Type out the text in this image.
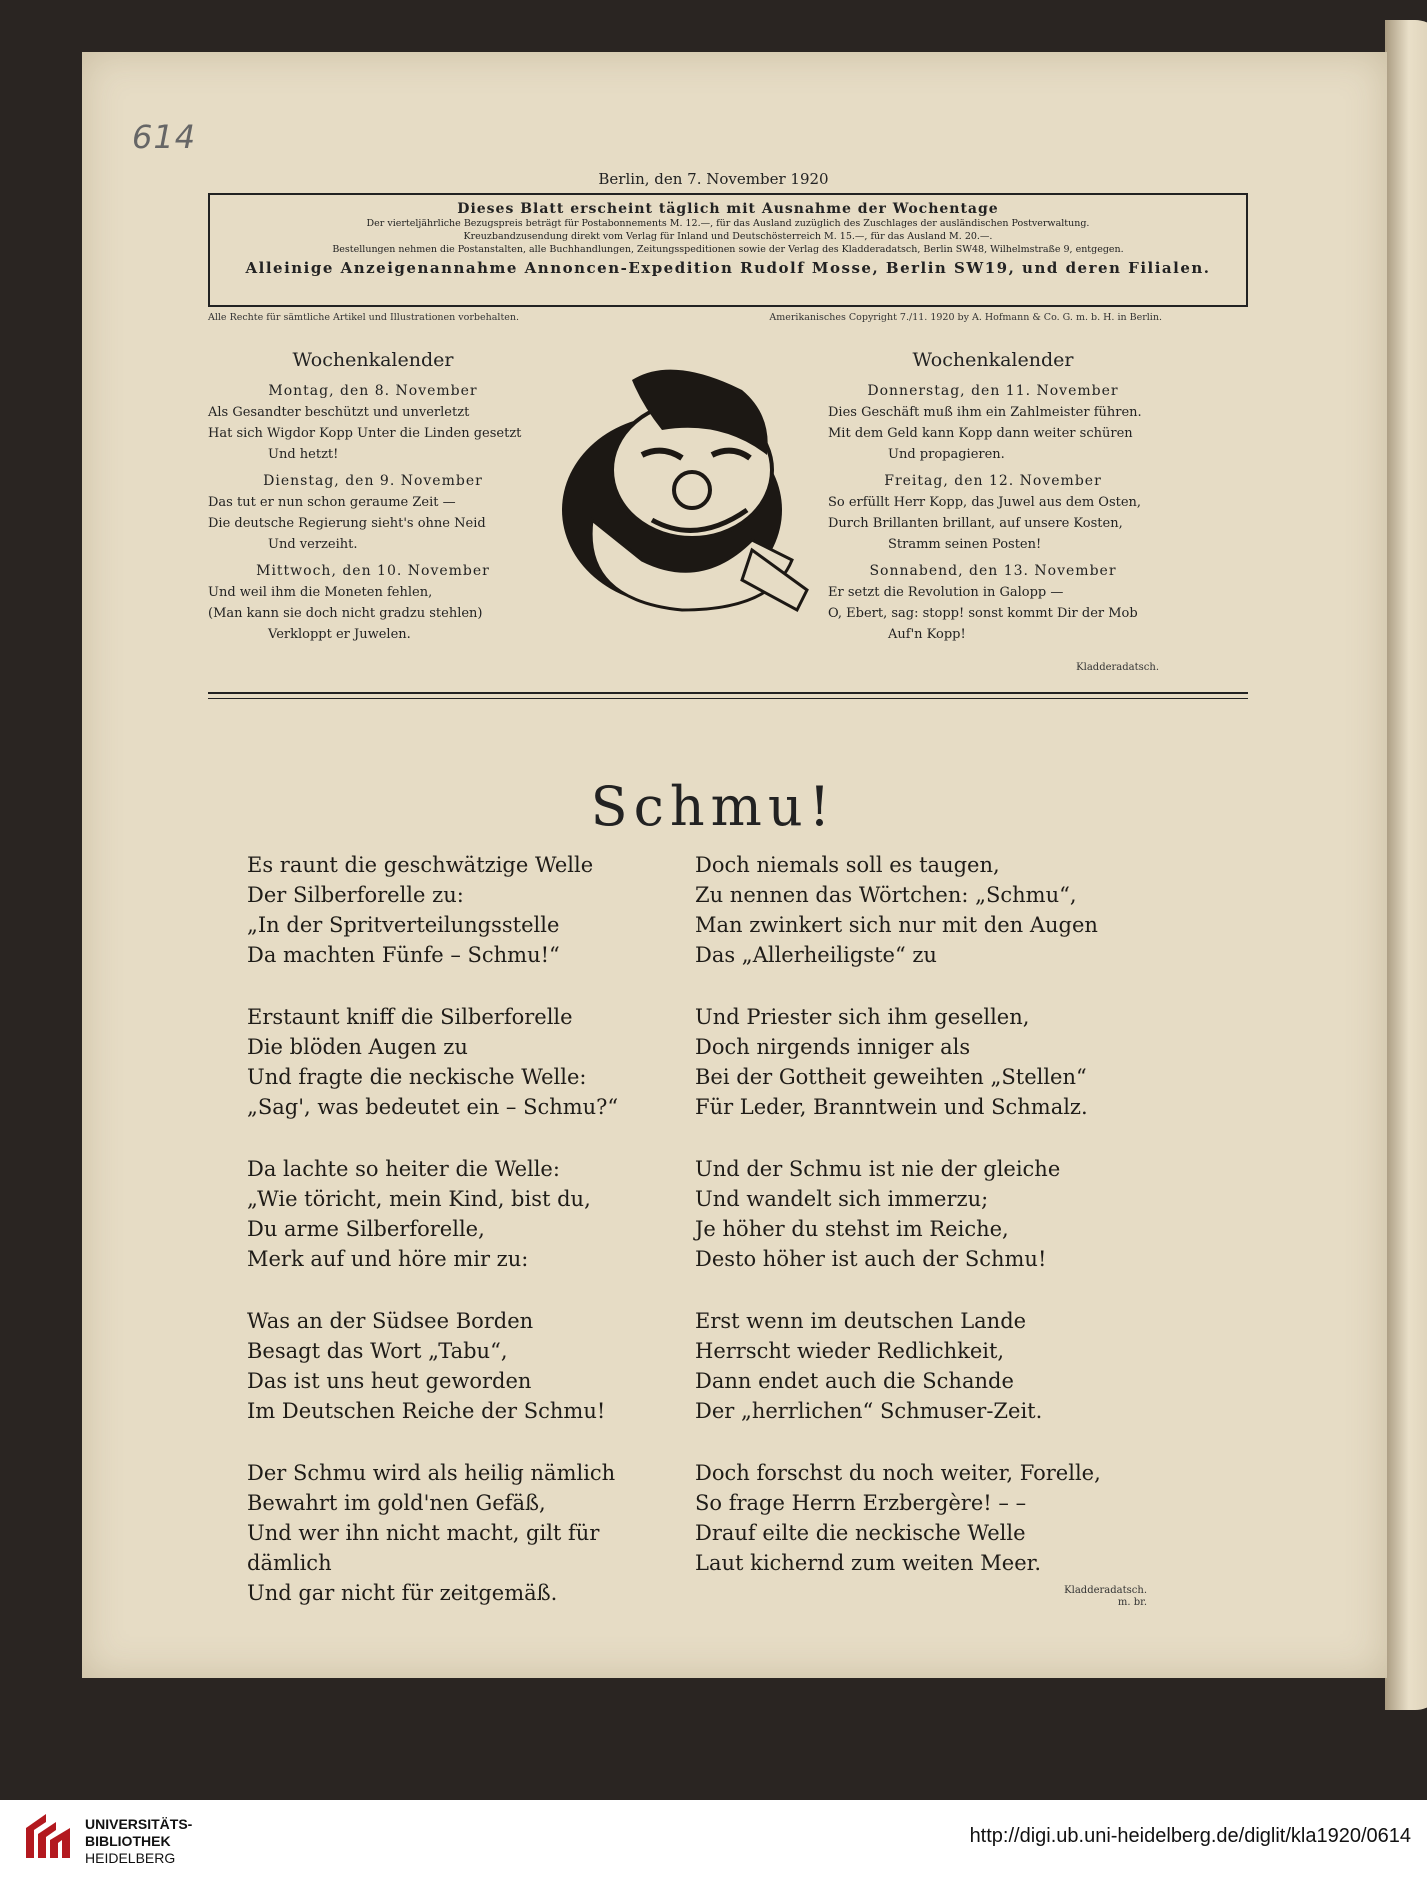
614
Berlin, den 7. November 1920
Dieses Blatt erscheint täglich mit Ausnahme der Wochentage
Der vierteljährliche Bezugspreis beträgt für Postabonnements M. 12.—, für das Ausland zuzüglich des Zuschlages der ausländischen Postverwaltung.
Kreuzbandzusendung direkt vom Verlag für Inland und Deutschösterreich M. 15.—, für das Ausland M. 20.—.
Bestellungen nehmen die Postanstalten, alle Buchhandlungen, Zeitungsspeditionen sowie der Verlag des Kladderadatsch, Berlin SW48, Wilhelmstraße 9, entgegen.
Alleinige Anzeigenannahme Annoncen-Expedition Rudolf Mosse, Berlin SW19, und deren Filialen.
Alle Rechte für sämtliche Artikel und Illustrationen vorbehalten.	Amerikanisches Copyright 7./11. 1920 by A. Hofmann & Co. G. m. b. H. in Berlin.
Wochenkalender
Montag, den 8. November
Als Gesandter beschützt und unverletzt
Hat sich Wigdor Kopp Unter die Linden gesetzt
Und hetzt!
Dienstag, den 9. November
Das tut er nun schon geraume Zeit —
Die deutsche Regierung sieht's ohne Neid
Und verzeiht.
Mittwoch, den 10. November
Und weil ihm die Moneten fehlen,
(Man kann sie doch nicht gradzu stehlen)
Verkloppt er Juwelen.
Wochenkalender
Donnerstag, den 11. November
Dies Geschäft muß ihm ein Zahlmeister führen.
Mit dem Geld kann Kopp dann weiter schüren
Und propagieren.
Freitag, den 12. November
So erfüllt Herr Kopp, das Juwel aus dem Osten,
Durch Brillanten brillant, auf unsere Kosten,
Stramm seinen Posten!
Sonnabend, den 13. November
Er setzt die Revolution in Galopp —
O, Ebert, sag: stopp! sonst kommt Dir der Mob
Auf'n Kopp!
Kladderadatsch.
Schmu!
Es raunt die geschwätzige Welle
Der Silberforelle zu:
„In der Spritverteilungsstelle
Da machten Fünfe – Schmu!“
Erstaunt kniff die Silberforelle
Die blöden Augen zu
Und fragte die neckische Welle:
„Sag', was bedeutet ein – Schmu?“
Da lachte so heiter die Welle:
„Wie töricht, mein Kind, bist du,
Du arme Silberforelle,
Merk auf und höre mir zu:
Was an der Südsee Borden
Besagt das Wort „Tabu“,
Das ist uns heut geworden
Im Deutschen Reiche der Schmu!
Der Schmu wird als heilig nämlich
Bewahrt im gold'nen Gefäß,
Und wer ihn nicht macht, gilt für dämlich
Und gar nicht für zeitgemäß.
Doch niemals soll es taugen,
Zu nennen das Wörtchen: „Schmu“,
Man zwinkert sich nur mit den Augen
Das „Allerheiligste“ zu
Und Priester sich ihm gesellen,
Doch nirgends inniger als
Bei der Gottheit geweihten „Stellen“
Für Leder, Branntwein und Schmalz.
Und der Schmu ist nie der gleiche
Und wandelt sich immerzu;
Je höher du stehst im Reiche,
Desto höher ist auch der Schmu!
Erst wenn im deutschen Lande
Herrscht wieder Redlichkeit,
Dann endet auch die Schande
Der „herrlichen“ Schmuser-Zeit.
Doch forschst du noch weiter, Forelle,
So frage Herrn Erzbergère! – –
Drauf eilte die neckische Welle
Laut kichernd zum weiten Meer.
Kladderadatsch.
m. br.
UNIVERSITÄTS-
BIBLIOTHEK
HEIDELBERG
http://digi.ub.uni-heidelberg.de/diglit/kla1920/0614
